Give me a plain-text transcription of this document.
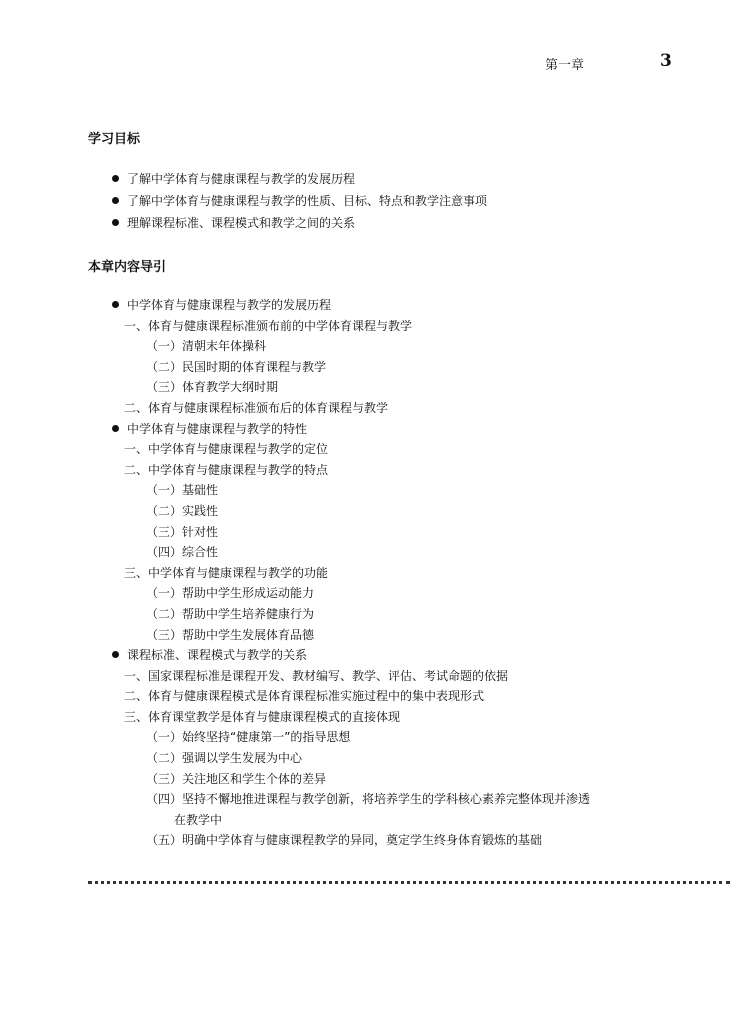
第一章	3
学习目标
了解中学体育与健康课程与教学的发展历程
了解中学体育与健康课程与教学的性质、目标、特点和教学注意事项
理解课程标准、课程模式和教学之间的关系
本章内容导引
中学体育与健康课程与教学的发展历程
一、体育与健康课程标准颁布前的中学体育课程与教学
（一）清朝末年体操科
（二）民国时期的体育课程与教学
（三）体育教学大纲时期
二、体育与健康课程标准颁布后的体育课程与教学
中学体育与健康课程与教学的特性
一、中学体育与健康课程与教学的定位
二、中学体育与健康课程与教学的特点
（一）基础性
（二）实践性
（三）针对性
（四）综合性
三、中学体育与健康课程与教学的功能
（一）帮助中学生形成运动能力
（二）帮助中学生培养健康行为
（三）帮助中学生发展体育品德
课程标准、课程模式与教学的关系
一、国家课程标准是课程开发、教材编写、教学、评估、考试命题的依据
二、体育与健康课程模式是体育课程标准实施过程中的集中表现形式
三、体育课堂教学是体育与健康课程模式的直接体现
（一）始终坚持“健康第一”的指导思想
（二）强调以学生发展为中心
（三）关注地区和学生个体的差异
（四）坚持不懈地推进课程与教学创新，将培养学生的学科核心素养完整体现并渗透
在教学中
（五）明确中学体育与健康课程教学的异同，奠定学生终身体育锻炼的基础
